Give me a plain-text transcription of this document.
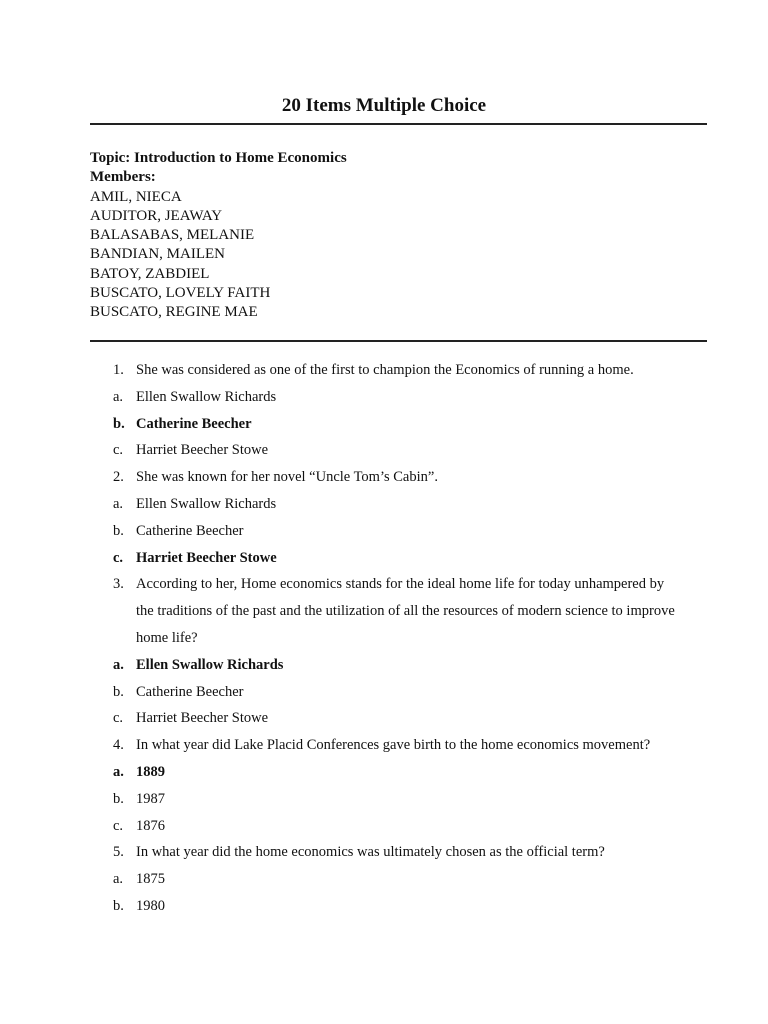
20 Items Multiple Choice
Topic: Introduction to Home Economics
Members:
AMIL, NIECA
AUDITOR, JEAWAY
BALASABAS, MELANIE
BANDIAN, MAILEN
BATOY, ZABDIEL
BUSCATO, LOVELY FAITH
BUSCATO, REGINE MAE
1. She was considered as one of the first to champion the Economics of running a home.
a. Ellen Swallow Richards
b. Catherine Beecher
c. Harriet Beecher Stowe
2. She was known for her novel “Uncle Tom’s Cabin”.
a. Ellen Swallow Richards
b. Catherine Beecher
c. Harriet Beecher Stowe
3. According to her, Home economics stands for the ideal home life for today unhampered by the traditions of the past and the utilization of all the resources of modern science to improve home life?
a. Ellen Swallow Richards
b. Catherine Beecher
c. Harriet Beecher Stowe
4. In what year did Lake Placid Conferences gave birth to the home economics movement?
a. 1889
b. 1987
c. 1876
5. In what year did the home economics was ultimately chosen as the official term?
a. 1875
b. 1980
